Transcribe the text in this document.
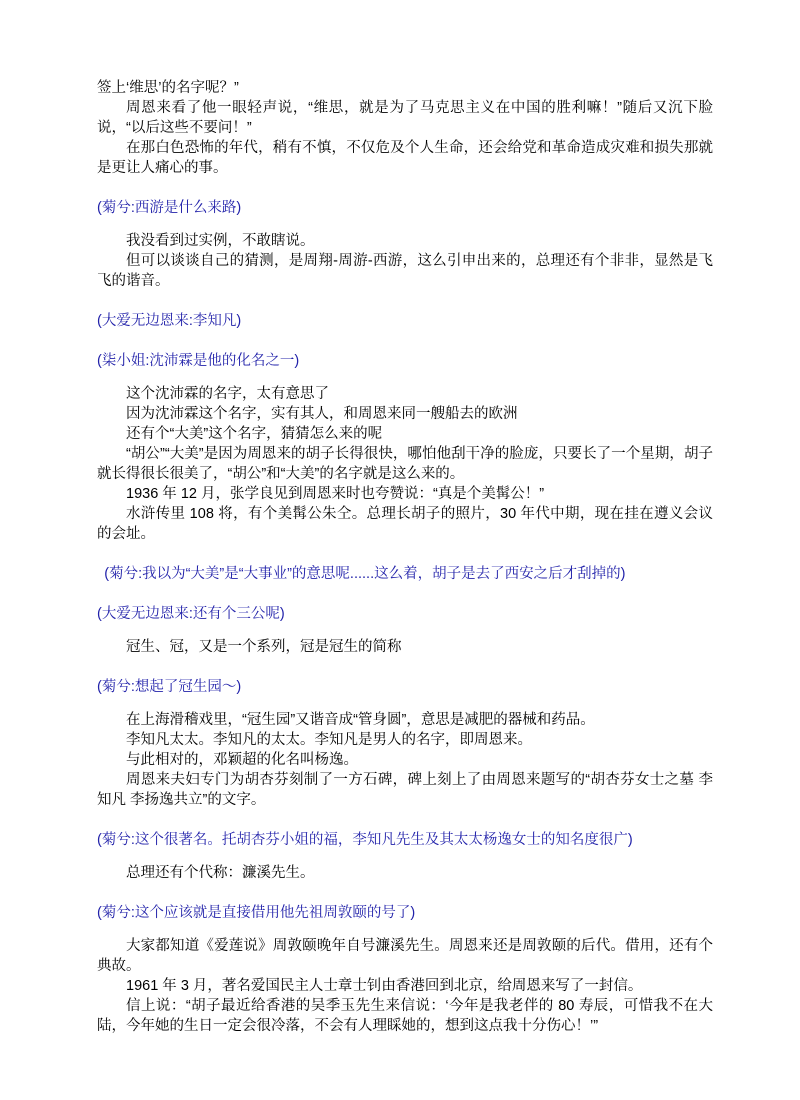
签上‘维思’的名字呢？”

周恩来看了他一眼轻声说，“维思，就是为了马克思主义在中国的胜利嘛！”随后又沉下脸说，“以后这些不要问！”

在那白色恐怖的年代，稍有不慎，不仅危及个人生命，还会给党和革命造成灾难和损失那就是更让人痛心的事。

(菊兮:西游是什么来路)

我没看到过实例，不敢瞎说。

但可以谈谈自己的猜测，是周翔-周游-西游，这么引申出来的，总理还有个非非，显然是飞飞的谐音。

(大爱无边恩来:李知凡)

(柒小姐:沈沛霖是他的化名之一)

这个沈沛霖的名字，太有意思了

因为沈沛霖这个名字，实有其人，和周恩来同一艘船去的欧洲

还有个“大美”这个名字，猜猜怎么来的呢

“胡公”“大美”是因为周恩来的胡子长得很快，哪怕他刮干净的脸庞，只要长了一个星期，胡子就长得很长很美了，“胡公”和“大美”的名字就是这么来的。

1936 年 12 月，张学良见到周恩来时也夸赞说：“真是个美髯公！”

水浒传里 108 将，有个美髯公朱仝。总理长胡子的照片，30 年代中期，现在挂在遵义会议的会址。

(菊兮:我以为“大美”是“大事业”的意思呢......这么着，胡子是去了西安之后才刮掉的)

(大爱无边恩来:还有个三公呢)

冠生、冠，又是一个系列，冠是冠生的简称

(菊兮:想起了冠生园～)

在上海滑稽戏里，“冠生园”又谐音成“管身圆”，意思是减肥的器械和药品。

李知凡太太。李知凡的太太。李知凡是男人的名字，即周恩来。

与此相对的，邓颖超的化名叫杨逸。

周恩来夫妇专门为胡杏芬刻制了一方石碑，碑上刻上了由周恩来题写的“胡杏芬女士之墓 李知凡 李扬逸共立”的文字。

(菊兮:这个很著名。托胡杏芬小姐的福，李知凡先生及其太太杨逸女士的知名度很广)

总理还有个代称：濂溪先生。

(菊兮:这个应该就是直接借用他先祖周敦颐的号了)

大家都知道《爱莲说》周敦颐晚年自号濂溪先生。周恩来还是周敦颐的后代。借用，还有个典故。

1961 年 3 月，著名爱国民主人士章士钊由香港回到北京，给周恩来写了一封信。

信上说：“胡子最近给香港的吴季玉先生来信说：‘今年是我老伴的 80 寿辰，可惜我不在大陆，今年她的生日一定会很冷落，不会有人理睬她的，想到这点我十分伤心！’”
